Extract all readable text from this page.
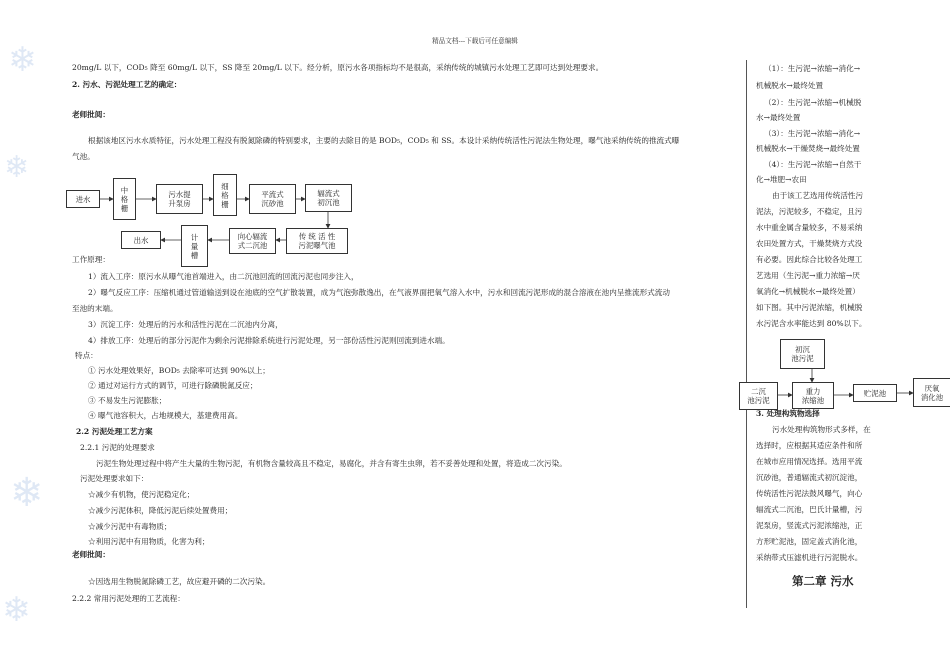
❄
❄
❄
❄
精品文档---下载后可任意编辑
20mg/L 以下，COD₅ 降至 60mg/L 以下，SS 降至 20mg/L 以下。经分析，原污水各项指标均不是很高，采纳传统的城镇污水处理工艺即可达到处理要求。
2. 污水、污泥处理工艺的确定：
老师批阅：
根据该地区污水水质特征，污水处理工程没有脱氮除磷的特别要求，主要的去除目的是 BOD₅，COD₅ 和 SS。本设计采纳传统活性污泥法生物处理，曝气池采纳传统的推流式曝
气池。
进水
中
格
栅
污水提
升泵房
细
格
栅
平流式
沉砂池
辐流式
初沉池
出水	计
量
槽
向心辐流
式二沉池
传 统 活 性
污泥曝气池
工作原理：
1）流入工序：原污水从曝气池首端进入，由二沉池回流的回流污泥也同步注入，
2）曝气反应工序：压缩机通过管道输送到设在池底的空气扩散装置，成为气泡弥散逸出，在气液界面把氧气溶入水中，污水和回流污泥形成的混合溶液在池内呈推流形式流动
至池的末端。
3）沉淀工序：处理后的污水和活性污泥在二沉池内分离，
4）排放工序：处理后的部分污泥作为剩余污泥排除系统进行污泥处理，另一部份活性污泥则回流到进水端。
特点：
① 污水处理效果好，BOD₅ 去除率可达到 90%以上；
② 通过对运行方式的调节，可进行除磷脱氮反应；
③ 不易发生污泥膨胀；
④ 曝气池容积大，占地规模大，基建费用高。
2.2 污泥处理工艺方案
2.2.1 污泥的处理要求
污泥生物处理过程中将产生大量的生物污泥，有机物含量较高且不稳定，易腐化，并含有寄生虫卵，若不妥善处理和处置，将造成二次污染。
污泥处理要求如下：
☆减少有机物，使污泥稳定化；
☆减少污泥体积，降低污泥后续处置费用；
☆减少污泥中有毒物质；
☆利用污泥中有用物质，化害为利；
老师批阅：
☆因选用生物脱氮除磷工艺，故应避开磷的二次污染。
2.2.2 常用污泥处理的工艺流程：
（1）：生污泥→浓缩→消化→
机械脱水→最终处置
（2）：生污泥→浓缩→机械脱
水→最终处置
（3）：生污泥→浓缩→消化→
机械脱水→干燥焚烧→最终处置
（4）：生污泥→浓缩→自然干
化→堆肥→农田
由于该工艺选用传统活性污
泥法，污泥较多，不稳定，且污
水中重金属含量较多，不易采纳
农田处置方式，干燥焚烧方式没
有必要。因此综合比较各处理工
艺选用（生污泥→重力浓缩→厌
氧消化→机械脱水→最终处置）
如下图。其中污泥浓缩，机械脱
水污泥含水率能达到 80%以下。
初沉
池污泥
二沉
池污泥
重力
浓缩池
贮泥池
厌氧
消化池
3. 处理构筑物选择
污水处理构筑物形式多样，在
选择时，应根据其适应条件和所
在城市应用情况选择。选用平流
沉砂池，普通辐流式初沉淀池，
传统活性污泥法鼓风曝气，向心
辐流式二沉池，巴氏计量槽，污
泥泵房，竖流式污泥浓缩池，正
方形贮泥池，固定盖式消化池，
采纳带式压滤机进行污泥脱水。
第二章 污水
